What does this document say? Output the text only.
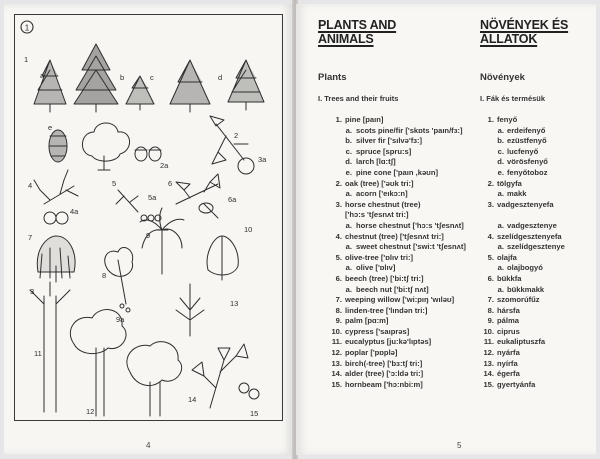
1
1
2
3
4	5	6
7
8
9
10
11
12
13
14
15
a	b	c	d
e
2a
3a
4a
5a	6a
9a
4
PLANTS AND
ANIMALS
Plants
I. Trees and their fruits
1. pine [paın]
a. scots pine/fir ['skɒts 'paın/fɜ:]
b. silver fir ['sılvə'fɜ:]
c. spruce [spru:s]
d. larch [lɑ:tʃ]
e. pine cone ['paın ,kəʊn]
2. oak (tree) ['əʊk tri:]
a. acorn ['eıkɔ:n]
3. horse chestnut (tree)
['hɔ:s 'tʃesnʌt tri:]
a. horse chestnut ['hɔ:s 'tʃesnʌt]
4. chestnut (tree) ['tʃesnʌt tri:]
a. sweet chestnut ['swi:t 'tʃesnʌt]
5. olive-tree ['ɒlıv tri:]
a. olive ['ɒlıv]
6. beech (tree) ['bi:tʃ tri:]
a. beech nut ['bi:tʃ nʌt]
7. weeping willow ['wi:pıŋ 'wıləʊ]
8. linden-tree ['lındən tri:]
9. palm [pɑ:m]
10. cypress ['saıprəs]
11. eucalyptus [ju:kə'lıptəs]
12. poplar ['pɒplə]
13. birch(-tree) ['bɜ:tʃ tri:]
14. alder (tree) ['ɔ:ldə tri:]
15. hornbeam ['hɔ:nbi:m]
NÖVÉNYEK ÉS
ÁLLATOK
Növények
I. Fák és termésük
1. fenyő
a. erdeifenyő
b. ezüstfenyő
c. lucfenyő
d. vörösfenyő
e. fenyőtoboz
2. tölgyfa
a. makk
3. vadgesztenyefa
a. vadgesztenye
4. szelídgesztenyefa
a. szelídgesztenye
5. olajfa
a. olajbogyó
6. bükkfa
a. bükkmakk
7. szomorúfűz
8. hársfa
9. pálma
10. ciprus
11. eukaliptuszfa
12. nyárfa
13. nyírfa
14. égerfa
15. gyertyánfa
5
